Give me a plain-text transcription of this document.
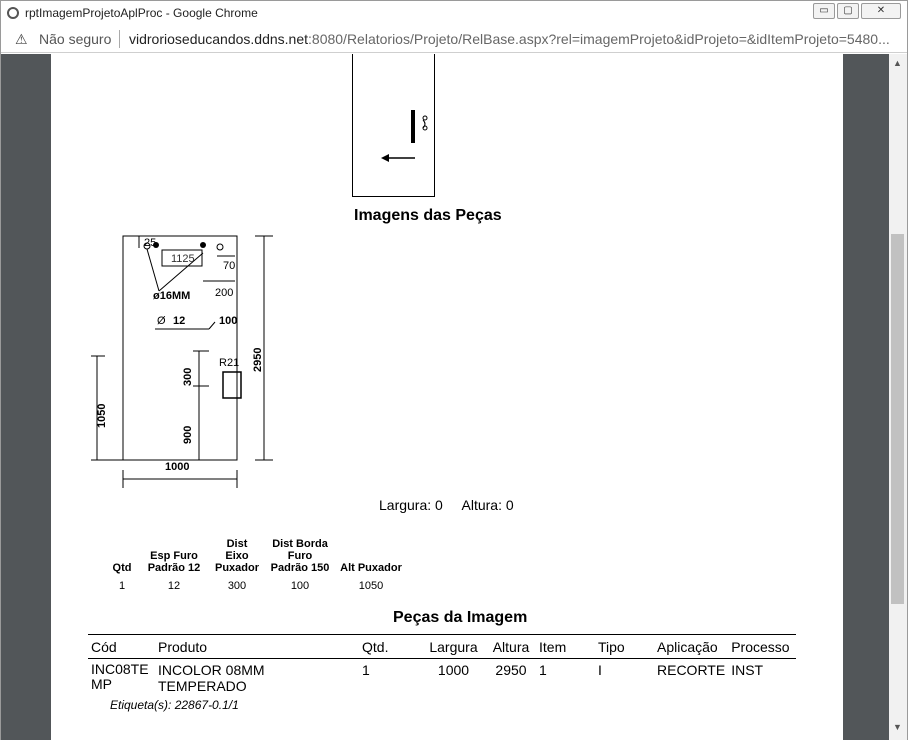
rptImagemProjetoAplProc - Google Chrome	▭	▢	✕
⚠ Não seguro vidrorioseducandos.ddns.net:8080/Relatorios/Projeto/RelBase.aspx?rel=imagemProjeto&idProjeto=&idItemProjeto=5480...
Imagens das Peças
25
1125
70
ø16MM 200
Ø 12	100
R21
1000
2950
300
1050
900
Largura: 0     Altura: 0
Qtd	Esp Furo Padrão 12	Dist Eixo Puxador	Dist Borda Furo Padrão 150	Alt Puxador
1	12	300	100	1050
Peças da Imagem
Cód	Produto	Qtd.	Largura	Altura	Item	Tipo	Aplicação	Processo
INC08TE MP	INCOLOR 08MM TEMPERADO	1	1000	2950	1	I	RECORTE	INST
Etiqueta(s): 22867-0.1/1
▲
▼
